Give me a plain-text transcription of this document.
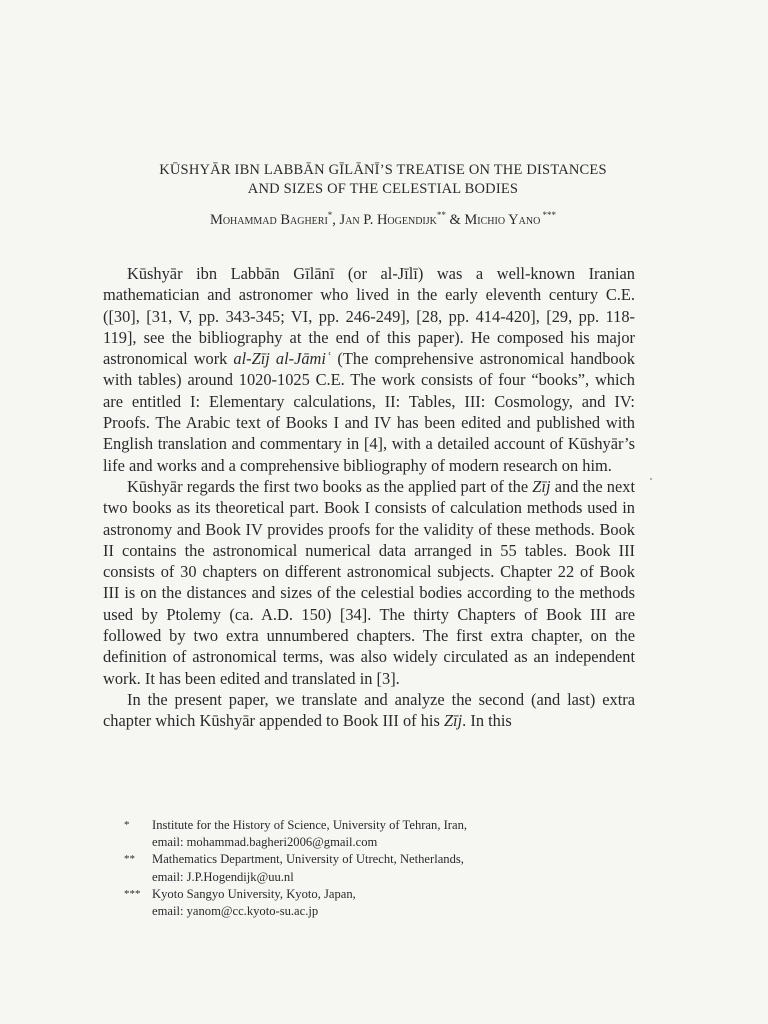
KŪSHYĀR IBN LABBĀN GĪLĀNĪ’S TREATISE ON THE DISTANCES
AND SIZES OF THE CELESTIAL BODIES
Mohammad Bagheri*, Jan P. Hogendijk** & Michio Yano ***

Kūshyār ibn Labbān Gīlānī (or al-Jīlī) was a well-known Iranian mathematician and astronomer who lived in the early eleventh century C.E. ([30], [31, V, pp. 343-345; VI, pp. 246-249], [28, pp. 414-420], [29, pp. 118-119], see the bibliography at the end of this paper). He composed his major astronomical work al-Zīj al-Jāmiʿ (The comprehensive astronomical handbook with tables) around 1020-1025 C.E. The work consists of four “books”, which are entitled I: Elementary calculations, II: Tables, III: Cosmology, and IV: Proofs. The Arabic text of Books I and IV has been edited and published with English translation and commentary in [4], with a detailed account of Kūshyār’s life and works and a comprehensive bibliography of modern research on him.

Kūshyār regards the first two books as the applied part of the Zīj and the next two books as its theoretical part. Book I consists of calculation methods used in astronomy and Book IV provides proofs for the validity of these methods. Book II contains the astronomical numerical data arranged in 55 tables. Book III consists of 30 chapters on different astronomical subjects. Chapter 22 of Book III is on the distances and sizes of the celestial bodies according to the methods used by Ptolemy (ca. A.D. 150) [34]. The thirty Chapters of Book III are followed by two extra unnumbered chapters. The first extra chapter, on the definition of astronomical terms, was also widely circulated as an independent work. It has been edited and translated in [3].

In the present paper, we translate and analyze the second (and last) extra chapter which Kūshyār appended to Book III of his Zīj. In this

*	Institute for the History of Science, University of Tehran, Iran,
email: mohammad.bagheri2006@gmail.com
**	Mathematics Department, University of Utrecht, Netherlands,
email: J.P.Hogendijk@uu.nl
*** Kyoto Sangyo University, Kyoto, Japan,
email: yanom@cc.kyoto-su.ac.jp
